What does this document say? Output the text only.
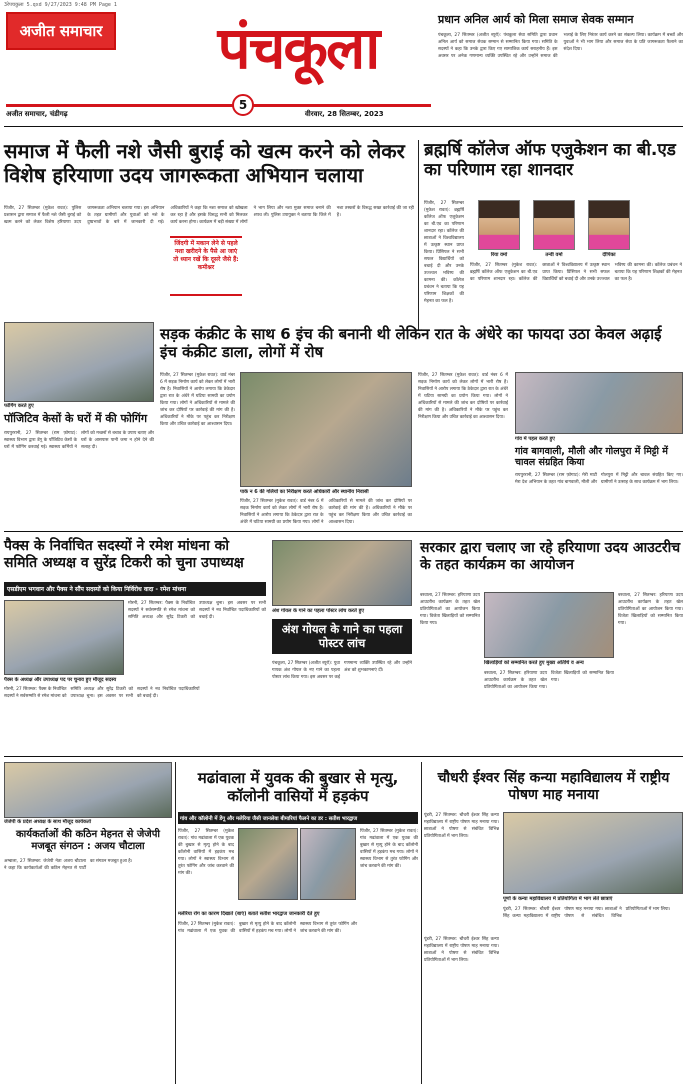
3रेपचकुला 5.qxd 9/27/2023 9:48 PM Page 1
अजीत समाचार	पंचकूला
5
अजीत समाचार, चंडीगढ़	वीरवार, 28 सितम्बर, 2023
प्रधान अनिल आर्य को मिला समाज सेवक सम्मान
पंचकूला, 27 सितम्बर (अजीत ब्यूरो): पंचकूला सेवा समिति द्वारा प्रधान अनिल आर्य को समाज सेवक सम्मान से सम्मानित किया गया। समिति के सदस्यों ने कहा कि उनके द्वारा किए गए सामाजिक कार्य सराहनीय हैं। इस अवसर पर अनेक गणमान्य व्यक्ति उपस्थित रहे और उन्होंने समाज की भलाई के लिए निरंतर कार्य करने का संकल्प लिया। कार्यक्रम में बच्चों और युवाओं ने भी भाग लिया और समाज सेवा के प्रति जागरूकता फैलाने का संदेश दिया।
समाज में फैली नशे जैसी बुराई को खत्म करने को लेकर विशेष हरियाणा उदय जागरूकता अभियान चलाया
पिंजौर, 27 सितम्बर (मुकेश रावत): पुलिस प्रशासन द्वारा समाज में फैली नशे जैसी बुराई को खत्म करने को लेकर विशेष हरियाणा उदय जागरूकता अभियान चलाया गया। इस अभियान के तहत ग्रामीणों और युवाओं को नशे के दुष्प्रभावों के बारे में जानकारी दी गई। अधिकारियों ने कहा कि नशा समाज को खोखला कर रहा है और इसके विरुद्ध सभी को मिलकर कार्य करना होगा। कार्यक्रम में बड़ी संख्या में लोगों ने भाग लिया और नशा मुक्त समाज बनाने की शपथ ली। पुलिस उपायुक्त ने बताया कि जिले में नशा तस्करों के विरुद्ध सख्त कार्रवाई की जा रही है।
जिंदगी में मकान लेने से पहले नशा खरीदने के पैसे आ जाएं तो ध्यान रखें कि दूसरे जैसे हैं: कमीश्नर
ब्रह्मर्षि कॉलेज ऑफ एजुकेशन का बी.एड का परिणाम रहा शानदार
पिंजौर, 27 सितम्बर (मुकेश रावत): ब्रह्मर्षि कॉलेज ऑफ एजुकेशन का बी.एड का परिणाम शानदार रहा। कॉलेज की छात्राओं ने विश्वविद्यालय में उत्कृष्ट स्थान प्राप्त किया। प्रिंसिपल ने सभी सफल विद्यार्थियों को बधाई दी और उनके उज्ज्वल भविष्य की कामना की। कॉलेज प्रबंधन ने बताया कि यह परिणाम शिक्षकों की मेहनत का फल है।
रिया वर्मा	तन्वी वर्मा	दीपिका
पिंजौर, 27 सितम्बर (मुकेश रावत): ब्रह्मर्षि कॉलेज ऑफ एजुकेशन का बी.एड का परिणाम शानदार रहा। कॉलेज की छात्राओं ने विश्वविद्यालय में उत्कृष्ट स्थान प्राप्त किया। प्रिंसिपल ने सभी सफल विद्यार्थियों को बधाई दी और उनके उज्ज्वल भविष्य की कामना की। कॉलेज प्रबंधन ने बताया कि यह परिणाम शिक्षकों की मेहनत का फल है।
फोगिंग करते हुए
पॉजिटिव केसों के घरों में की फोगिंग
रायपुररानी, 27 सितम्बर (राम फ़ोगाट): स्वास्थ्य विभाग द्वारा डेंगू के पॉजिटिव केसों के घरों में फोगिंग करवाई गई। स्वास्थ्य कर्मियों ने लोगों को मच्छरों से बचाव के उपाय बताए और घरों के आसपास पानी जमा न होने देने की सलाह दी।
सड़क कंक्रीट के साथ 6 इंच की बनानी थी लेकिन रात के अंधेरे का फायदा उठा केवल अढ़ाई इंच कंक्रीट डाला, लोगों में रोष
पिंजौर, 27 सितम्बर (मुकेश रावत): वार्ड नंबर 6 में सड़क निर्माण कार्य को लेकर लोगों में भारी रोष है। निवासियों ने आरोप लगाया कि ठेकेदार द्वारा रात के अंधेरे में घटिया सामग्री का प्रयोग किया गया। लोगों ने अधिकारियों से मामले की जांच कर दोषियों पर कार्रवाई की मांग की है। अधिकारियों ने मौके पर पहुंच कर निरीक्षण किया और उचित कार्रवाई का आश्वासन दिया।
पार्क न 6 की गलियों का निरीक्षण करते अधिकारी और स्थानीय निवासी
पिंजौर, 27 सितम्बर (मुकेश रावत): वार्ड नंबर 6 में सड़क निर्माण कार्य को लेकर लोगों में भारी रोष है। निवासियों ने आरोप लगाया कि ठेकेदार द्वारा रात के अंधेरे में घटिया सामग्री का प्रयोग किया गया। लोगों ने अधिकारियों से मामले की जांच कर दोषियों पर कार्रवाई की मांग की है। अधिकारियों ने मौके पर पहुंच कर निरीक्षण किया और उचित कार्रवाई का आश्वासन दिया।
पिंजौर, 27 सितम्बर (मुकेश रावत): वार्ड नंबर 6 में सड़क निर्माण कार्य को लेकर लोगों में भारी रोष है। निवासियों ने आरोप लगाया कि ठेकेदार द्वारा रात के अंधेरे में घटिया सामग्री का प्रयोग किया गया। लोगों ने अधिकारियों से मामले की जांच कर दोषियों पर कार्रवाई की मांग की है। अधिकारियों ने मौके पर पहुंच कर निरीक्षण किया और उचित कार्रवाई का आश्वासन दिया।
गांव में पहल करते हुए
गांव बागवाली, मौली और गोलपुरा में मिट्टी में चावल संग्रहित किया
रायपुररानी, 27 सितम्बर (राम फ़ोगाट): मेरी माटी मेरा देश अभियान के तहत गांव बागवाली, मौली और गोलपुरा में मिट्टी और चावल संग्रहित किए गए। ग्रामीणों ने उत्साह के साथ कार्यक्रम में भाग लिया।
पैक्स के निर्वाचित सदस्यों ने रमेश मांधना को समिति अध्यक्ष व सुरेंद्र टिकरी को चुना उपाध्यक्ष
एसडीएम भगवान और पैक्स ने सौंप सदस्यों को किया निर्विरोध वादा - रमेश मांधना
पैक्स के अध्यक्ष और उपाध्यक्ष पद पर चुनाव हुए मौजूद सदस्य
मोरनी, 27 सितम्बर: पैक्स के निर्वाचित सदस्यों ने सर्वसम्मति से रमेश मांधना को समिति अध्यक्ष और सुरेंद्र टिकरी को उपाध्यक्ष चुना। इस अवसर पर सभी सदस्यों ने नव निर्वाचित पदाधिकारियों को बधाई दी।
मोरनी, 27 सितम्बर: पैक्स के निर्वाचित सदस्यों ने सर्वसम्मति से रमेश मांधना को समिति अध्यक्ष और सुरेंद्र टिकरी को उपाध्यक्ष चुना। इस अवसर पर सभी सदस्यों ने नव निर्वाचित पदाधिकारियों को बधाई दी।
अंश गोयल के गाने का पहला पोस्टर लांच करते हुए
अंश गोयल के गाने का पहला पोस्टर लांच
पंचकूला, 27 सितम्बर (अजीत ब्यूरो): युवा गायक अंश गोयल के नए गाने का पहला पोस्टर लांच किया गया। इस अवसर पर कई गणमान्य व्यक्ति उपस्थित रहे और उन्होंने अंश को शुभकामनाएं दीं।
सरकार द्वारा चलाए जा रहे हरियाणा उदय आउटरीच के तहत कार्यक्रम का आयोजन
बरवाला, 27 सितम्बर: हरियाणा उदय आउटरीच कार्यक्रम के तहत खेल प्रतियोगिताओं का आयोजन किया गया। विजेता खिलाड़ियों को सम्मानित किया गया।
खिलाड़ियों को सम्मानित करते हुए मुख्य अतिथि व अन्य
बरवाला, 27 सितम्बर: हरियाणा उदय आउटरीच कार्यक्रम के तहत खेल प्रतियोगिताओं का आयोजन किया गया। विजेता खिलाड़ियों को सम्मानित किया गया।
बरवाला, 27 सितम्बर: हरियाणा उदय आउटरीच कार्यक्रम के तहत खेल प्रतियोगिताओं का आयोजन किया गया। विजेता खिलाड़ियों को सम्मानित किया गया।
जेजेपी के प्रदेश अध्यक्ष के साथ मौजूद कार्यकर्ता
कार्यकर्ताओं की कठिन मेहनत से जेजेपी मजबूत संगठन : अजय चौटाला
अम्बाला, 27 सितम्बर: जेजेपी नेता अजय चौटाला ने कहा कि कार्यकर्ताओं की कठिन मेहनत से पार्टी का संगठन मजबूत हुआ है।
मढांवाला में युवक की बुखार से मृत्यु, कॉलोनी वासियों में हड़कंप
गांव और कॉलोनी में डेंगू और मलेरिया जैसी जानलेवा बीमारियां फैलने का डर : सतीश भारद्वाज
पिंजौर, 27 सितम्बर (मुकेश रावत): गांव मढांवाला में एक युवक की बुखार से मृत्यु होने के बाद कॉलोनी वासियों में हड़कंप मच गया। लोगों ने स्वास्थ्य विभाग से तुरंत फोगिंग और जांच करवाने की मांग की।
पिंजौर, 27 सितम्बर (मुकेश रावत): गांव मढांवाला में एक युवक की बुखार से मृत्यु होने के बाद कॉलोनी वासियों में हड़कंप मच गया। लोगों ने स्वास्थ्य विभाग से तुरंत फोगिंग और जांच करवाने की मांग की।
मलेरिया रोग का कारण दिखाते (बाएं) बताते सतीश भारद्वाज जानकारी देते हुए
पिंजौर, 27 सितम्बर (मुकेश रावत): गांव मढांवाला में एक युवक की बुखार से मृत्यु होने के बाद कॉलोनी वासियों में हड़कंप मच गया। लोगों ने स्वास्थ्य विभाग से तुरंत फोगिंग और जांच करवाने की मांग की।
चौधरी ईश्वर सिंह कन्या महाविद्यालय में राष्ट्रीय पोषण माह मनाया
पूंडरी, 27 सितम्बर: चौधरी ईश्वर सिंह कन्या महाविद्यालय में राष्ट्रीय पोषण माह मनाया गया। छात्राओं ने पोषण से संबंधित विभिन्न प्रतियोगिताओं में भाग लिया।
पूर्णो के कन्या महाविद्यालय में प्रतियोगिता में भाग लेते छात्राएं
पूंडरी, 27 सितम्बर: चौधरी ईश्वर सिंह कन्या महाविद्यालय में राष्ट्रीय पोषण माह मनाया गया। छात्राओं ने पोषण से संबंधित विभिन्न प्रतियोगिताओं में भाग लिया।
पूंडरी, 27 सितम्बर: चौधरी ईश्वर सिंह कन्या महाविद्यालय में राष्ट्रीय पोषण माह मनाया गया। छात्राओं ने पोषण से संबंधित विभिन्न प्रतियोगिताओं में भाग लिया।
